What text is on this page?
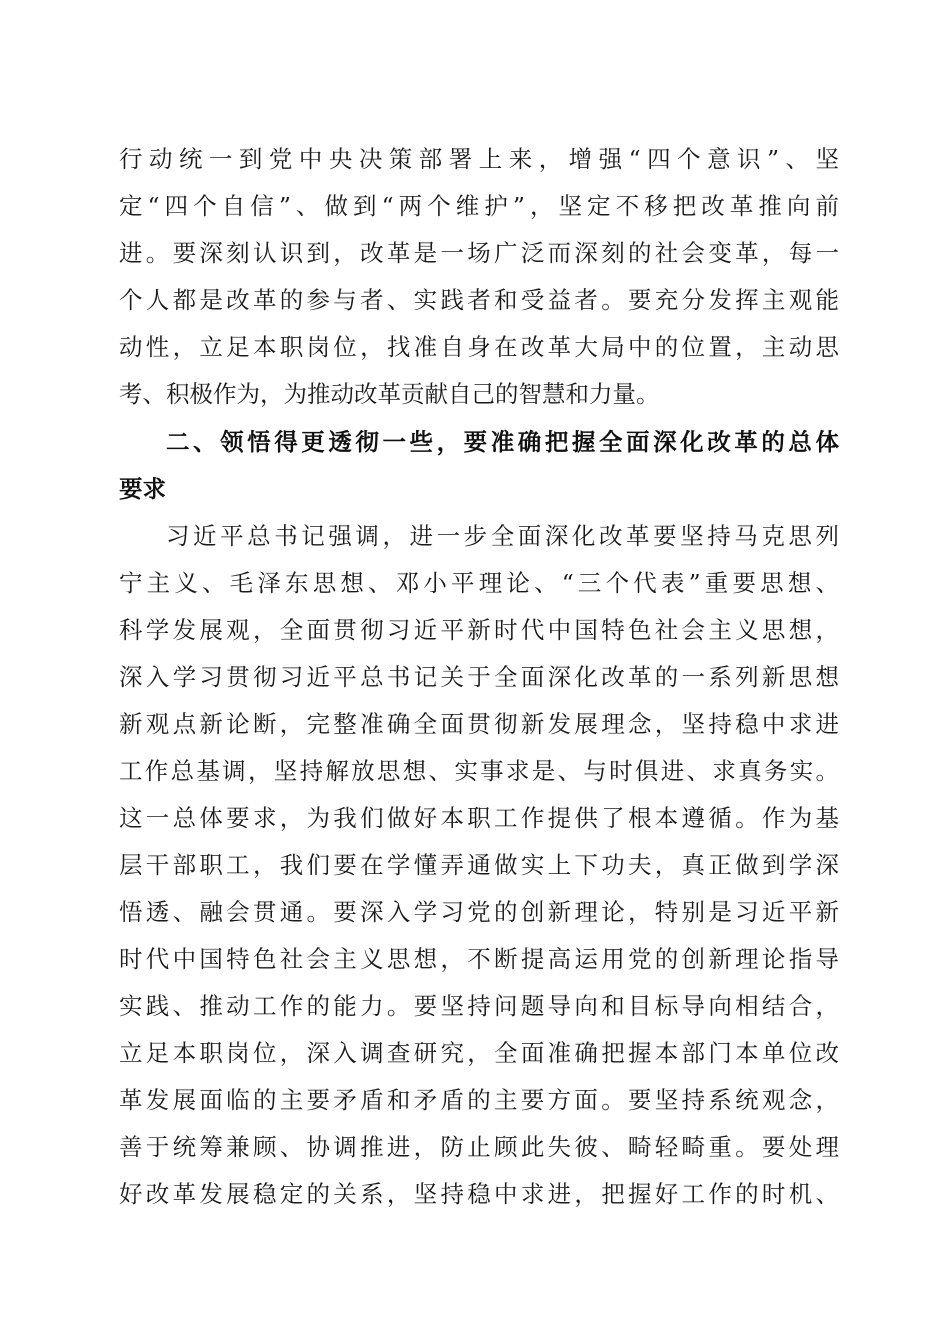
行动统一到党中央决策部署上来，增强“四个意识”、坚
定“四个自信”、做到“两个维护”，坚定不移把改革推向前
进。要深刻认识到，改革是一场广泛而深刻的社会变革，每一
个人都是改革的参与者、实践者和受益者。要充分发挥主观能
动性，立足本职岗位，找准自身在改革大局中的位置，主动思
考、积极作为，为推动改革贡献自己的智慧和力量。
二、领悟得更透彻一些，要准确把握全面深化改革的总体
要求
习近平总书记强调，进一步全面深化改革要坚持马克思列
宁主义、毛泽东思想、邓小平理论、“三个代表”重要思想、
科学发展观，全面贯彻习近平新时代中国特色社会主义思想，
深入学习贯彻习近平总书记关于全面深化改革的一系列新思想
新观点新论断，完整准确全面贯彻新发展理念，坚持稳中求进
工作总基调，坚持解放思想、实事求是、与时俱进、求真务实。
这一总体要求，为我们做好本职工作提供了根本遵循。作为基
层干部职工，我们要在学懂弄通做实上下功夫，真正做到学深
悟透、融会贯通。要深入学习党的创新理论，特别是习近平新
时代中国特色社会主义思想，不断提高运用党的创新理论指导
实践、推动工作的能力。要坚持问题导向和目标导向相结合，
立足本职岗位，深入调查研究，全面准确把握本部门本单位改
革发展面临的主要矛盾和矛盾的主要方面。要坚持系统观念，
善于统筹兼顾、协调推进，防止顾此失彼、畸轻畸重。要处理
好改革发展稳定的关系，坚持稳中求进，把握好工作的时机、
